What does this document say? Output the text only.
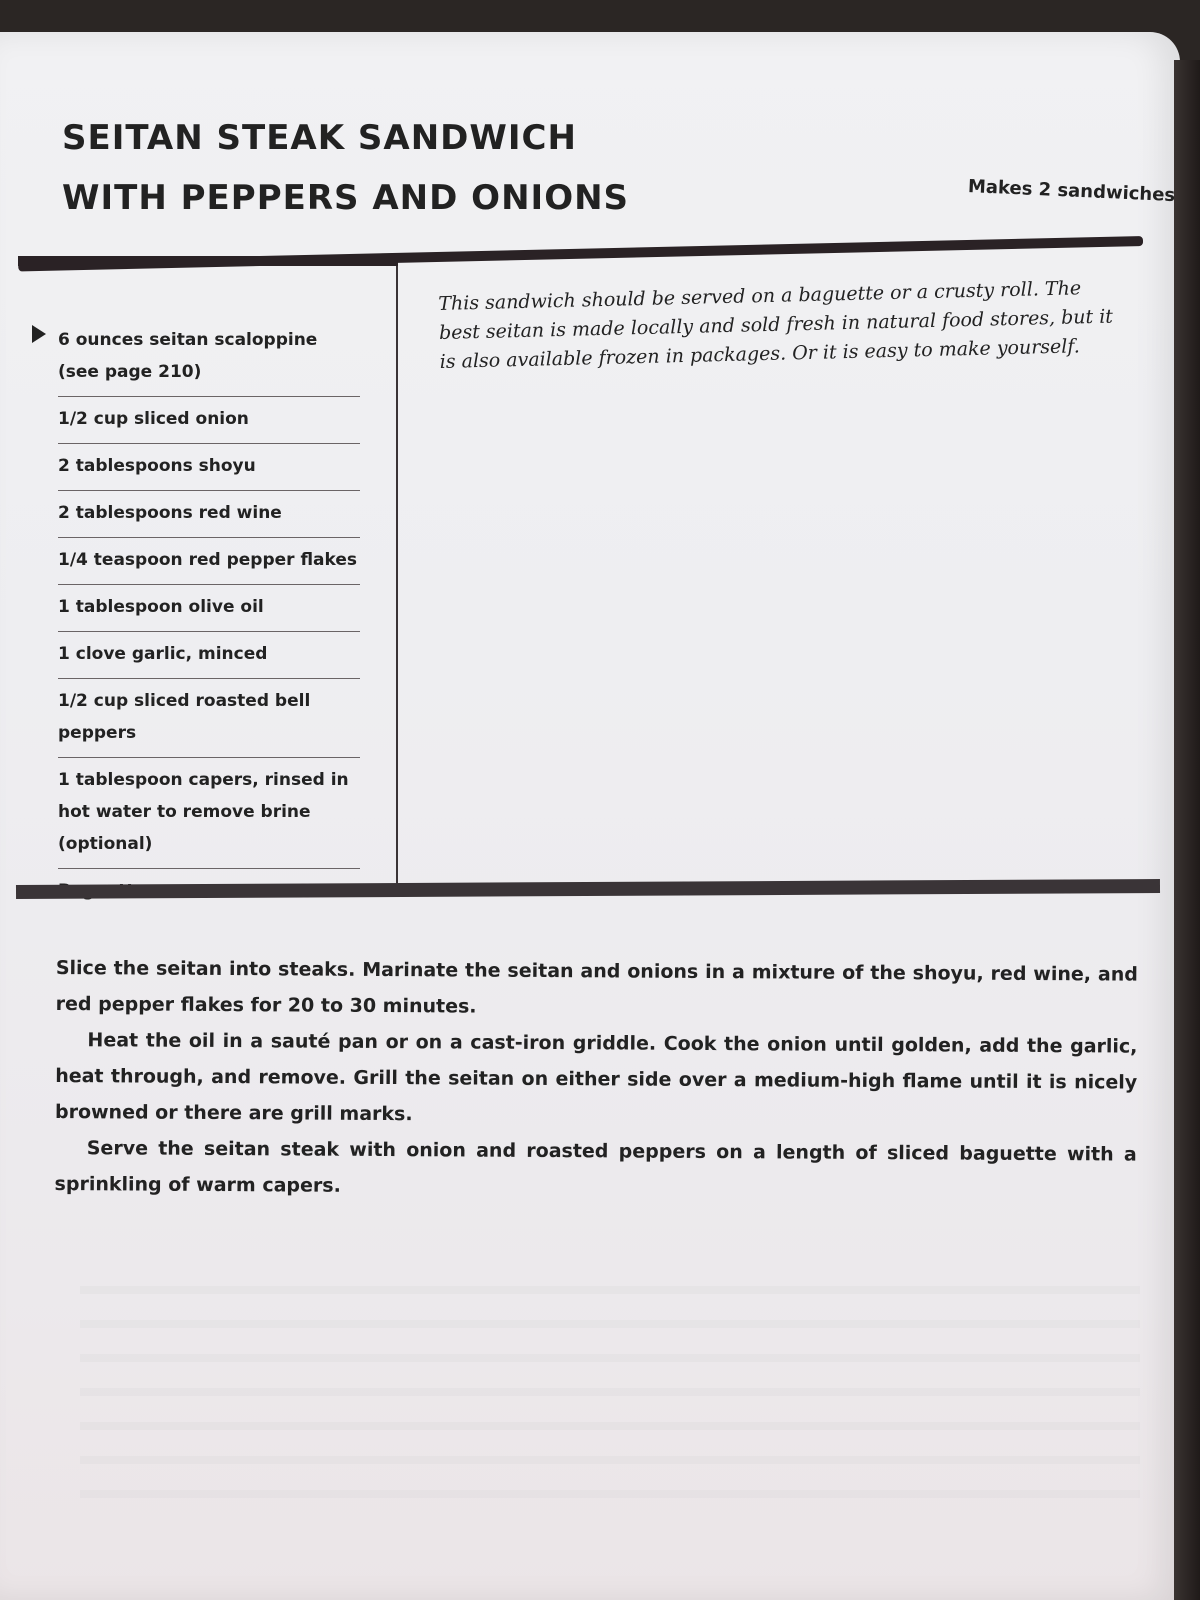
SEITAN STEAK SANDWICH
WITH PEPPERS AND ONIONS	Makes 2 sandwiches
6 ounces seitan scaloppine (see page 210)
1/2 cup sliced onion
2 tablespoons shoyu
2 tablespoons red wine
1/4 teaspoon red pepper flakes
1 tablespoon olive oil
1 clove garlic, minced
1/2 cup sliced roasted bell peppers
1 tablespoon capers, rinsed in hot water to remove brine (optional)

This sandwich should be served on a baguette or a crusty roll. The best seitan is made locally and sold fresh in natural food stores, but it is also available frozen in packages. Or it is easy to make yourself.

Slice the seitan into steaks. Marinate the seitan and onions in a mixture of the shoyu, red wine, and red pepper flakes for 20 to 30 minutes.

Heat the oil in a sauté pan or on a cast-iron griddle. Cook the onion until golden, add the garlic, heat through, and remove. Grill the seitan on either side over a medium-high flame until it is nicely browned or there are grill marks.

Serve the seitan steak with onion and roasted peppers on a length of sliced baguette with a sprinkling of warm capers.
